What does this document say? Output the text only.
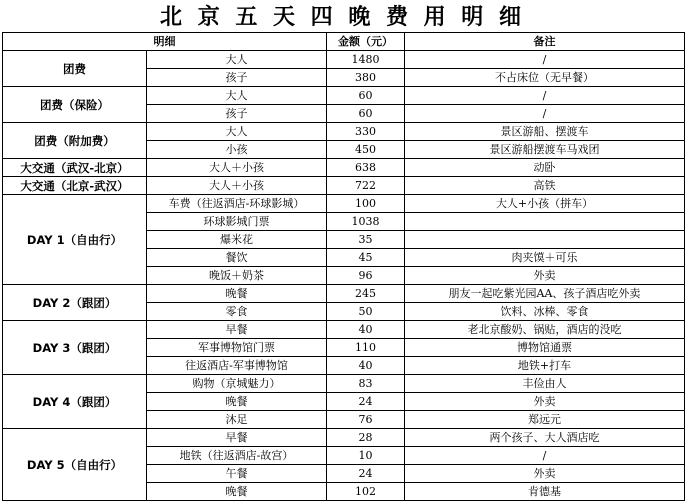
北 京 五 天 四 晚 费 用 明 细
明细		金额（元）	备注
团费	大人	1480	/
	孩子	380	不占床位（无早餐）
团费（保险）	大人	60	/
	孩子	60	/
团费（附加费）	大人	330	景区游船、摆渡车
	小孩	450	景区游船摆渡车马戏团
大交通（武汉-北京）	大人＋小孩	638	动卧
大交通（北京-武汉）	大人＋小孩	722	高铁
DAY 1（自由行）	车费（往返酒店-环球影城）	100	大人+小孩（拼车）
	环球影城门票	1038	
	爆米花	35	
	餐饮	45	肉夹馍＋可乐
	晚饭＋奶茶	96	外卖
DAY 2（跟团）	晚餐	245	朋友一起吃紫光园AA、孩子酒店吃外卖
	零食	50	饮料、冰棒、零食
DAY 3（跟团）	早餐	40	老北京酸奶、锅贴，酒店的没吃
	军事博物馆门票	110	博物馆通票
	往返酒店-军事博物馆	40	地铁+打车
DAY 4（跟团）	购物（京城魅力）	83	丰俭由人
	晚餐	24	外卖
	沐足	76	郑远元
DAY 5（自由行）	早餐	28	两个孩子、大人酒店吃
	地铁（往返酒店-故宫）	10	/
	午餐	24	外卖
	晚餐	102	肯德基
